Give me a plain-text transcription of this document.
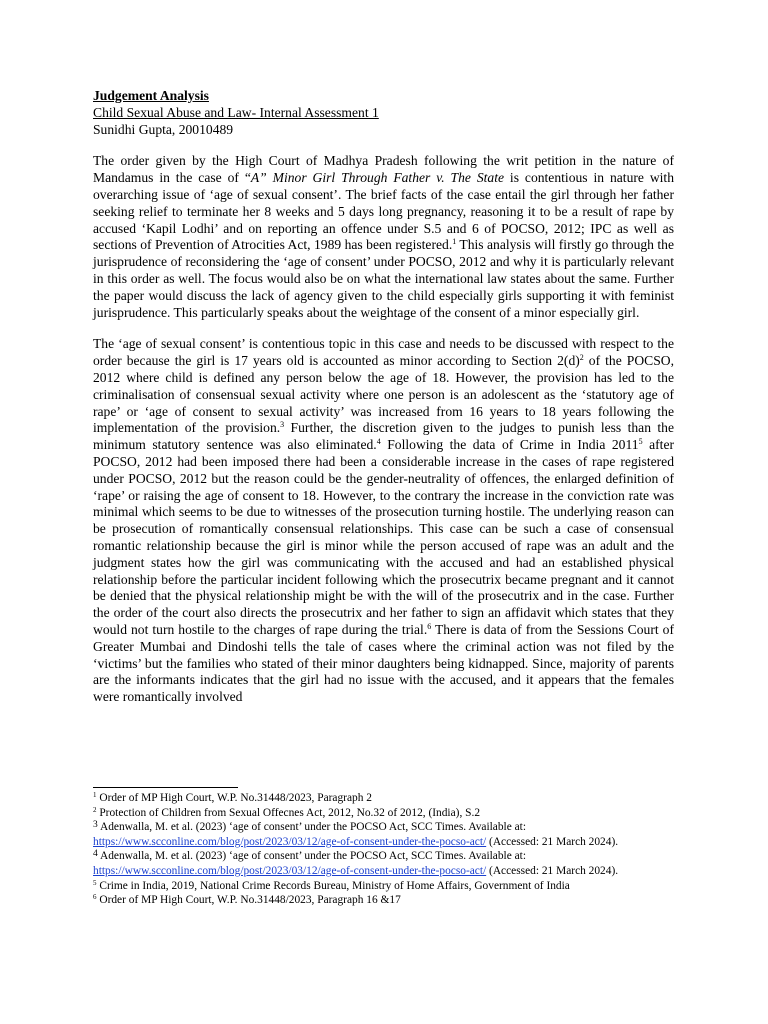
Judgement Analysis
Child Sexual Abuse and Law- Internal Assessment 1
Sunidhi Gupta, 20010489

The order given by the High Court of Madhya Pradesh following the writ petition in the nature of Mandamus in the case of “A” Minor Girl Through Father v. The State is contentious in nature with overarching issue of ‘age of sexual consent’. The brief facts of the case entail the girl through her father seeking relief to terminate her 8 weeks and 5 days long pregnancy, reasoning it to be a result of rape by accused ‘Kapil Lodhi’ and on reporting an offence under S.5 and 6 of POCSO, 2012; IPC as well as sections of Prevention of Atrocities Act, 1989 has been registered.$^1$ This analysis will firstly go through the jurisprudence of reconsidering the ‘age of consent’ under POCSO, 2012 and why it is particularly relevant in this order as well. The focus would also be on what the international law states about the same. Further the paper would discuss the lack of agency given to the child especially girls supporting it with feminist jurisprudence. This particularly speaks about the weightage of the consent of a minor especially girl.

The ‘age of sexual consent’ is contentious topic in this case and needs to be discussed with respect to the order because the girl is 17 years old is accounted as minor according to Section $2(d)^2$ of the POCSO, 2012 where child is defined any person below the age of 18. However, the provision has led to the criminalisation of consensual sexual activity where one person is an adolescent as the ‘statutory age of rape’ or ‘age of consent to sexual activity’ was increased from 16 years to 18 years following the implementation of the provision.$^3$ Further, the discretion given to the judges to punish less than the minimum statutory sentence was also eliminated.$^4$ Following the data of Crime in India 2011$^5$ after POCSO, 2012 had been imposed there had been a considerable increase in the cases of rape registered under POCSO, 2012 but the reason could be the gender-neutrality of offences, the enlarged definition of ‘rape’ or raising the age of consent to 18. However, to the contrary the increase in the conviction rate was minimal which seems to be due to witnesses of the prosecution turning hostile. The underlying reason can be prosecution of romantically consensual relationships. This case can be such a case of consensual romantic relationship because the girl is minor while the person accused of rape was an adult and the judgment states how the girl was communicating with the accused and had an established physical relationship before the particular incident following which the prosecutrix became pregnant and it cannot be denied that the physical relationship might be with the will of the prosecutrix and in the case. Further the order of the court also directs the prosecutrix and her father to sign an affidavit which states that they would not turn hostile to the charges of rape during the trial.$^6$ There is data of from the Sessions Court of Greater Mumbai and Dindoshi tells the tale of cases where the criminal action was not filed by the ‘victims’ but the families who stated of their minor daughters being kidnapped. Since, majority of parents are the informants indicates that the girl had no issue with the accused, and it appears that the females were romantically involved

$^1$ Order of MP High Court, W.P. No.31448/2023, Paragraph 2

$^2$ Protection of Children from Sexual Offecnes Act, 2012, No.32 of 2012, (India), S.2

$^3$ Adenwalla, M. et al. (2023) ‘age of consent’ under the POCSO Act, SCC Times. Available at: https://www.scconline.com/blog/post/2023/03/12/age-of-consent-under-the-pocso-act/ (Accessed: 21 March 2024).

$^4$ Adenwalla, M. et al. (2023) ‘age of consent’ under the POCSO Act, SCC Times. Available at: https://www.scconline.com/blog/post/2023/03/12/age-of-consent-under-the-pocso-act/ (Accessed: 21 March 2024).

$^5$ Crime in India, 2019, National Crime Records Bureau, Ministry of Home Affairs, Government of India

$^6$ Order of MP High Court, W.P. No.31448/2023, Paragraph 16 &17
